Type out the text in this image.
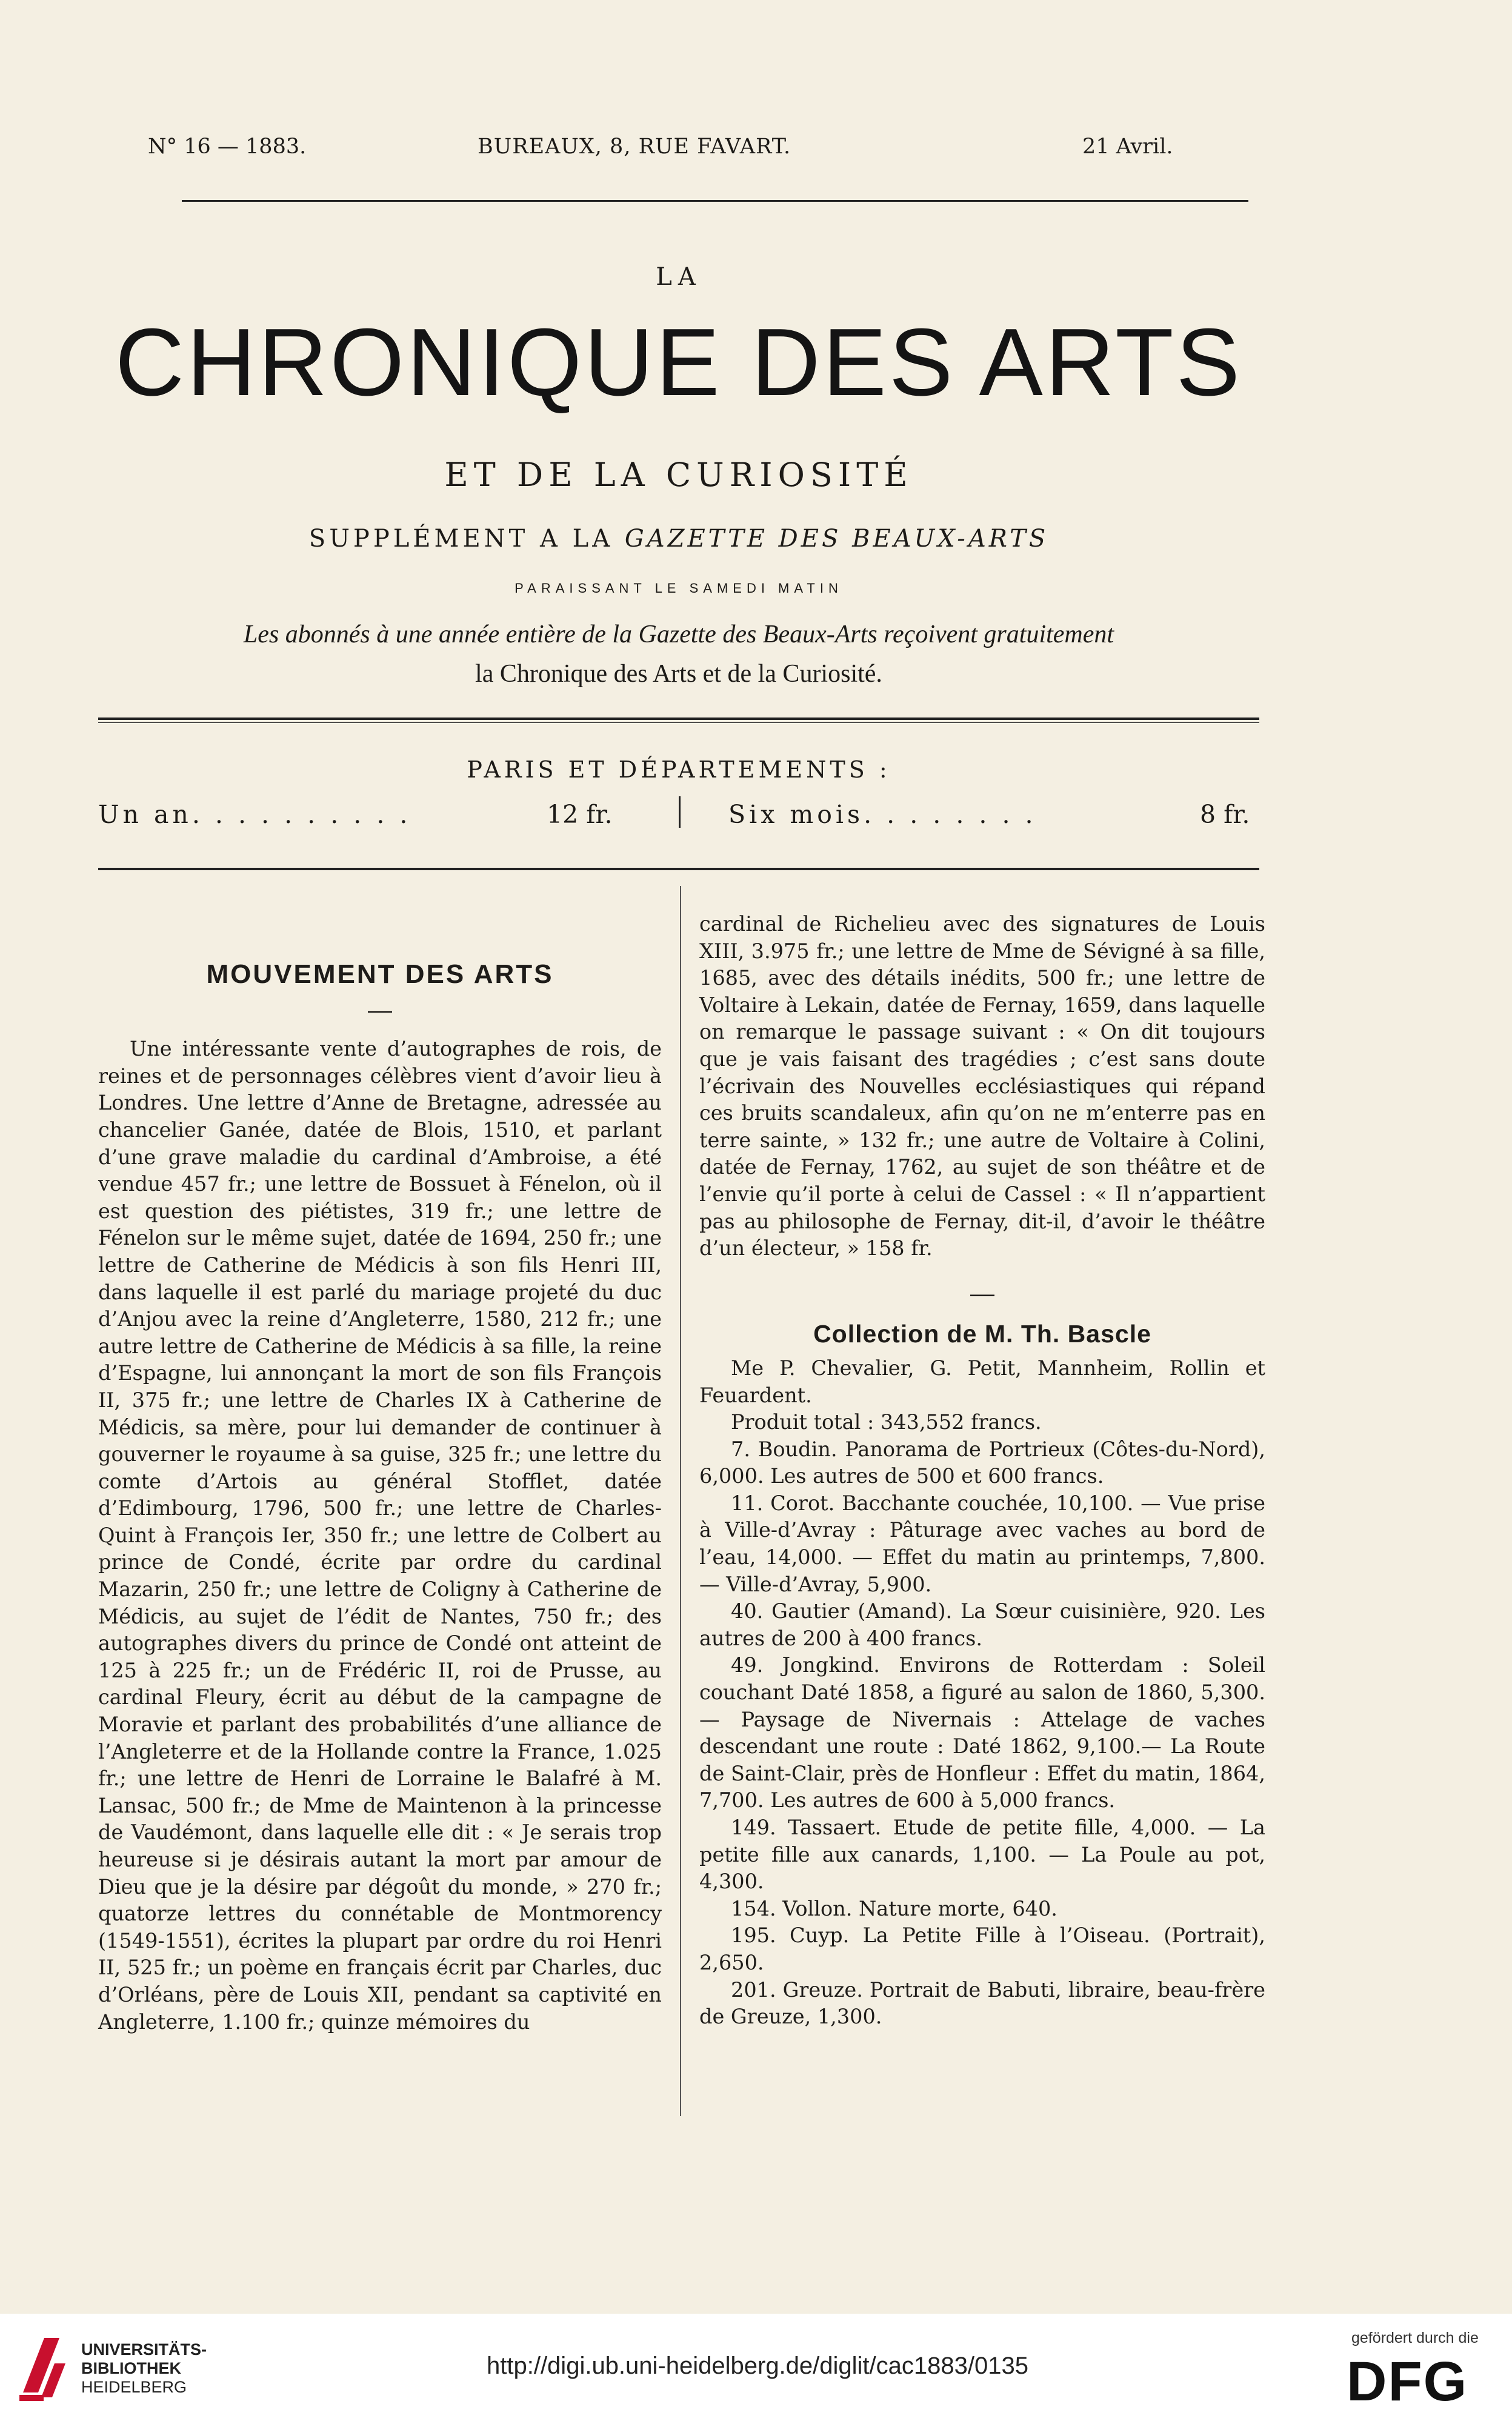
N° 16 — 1883.	BUREAUX, 8, RUE FAVART.	21 Avril.
LA
CHRONIQUE DES ARTS
ET DE LA CURIOSITÉ
SUPPLÉMENT A LA GAZETTE DES BEAUX-ARTS
PARAISSANT LE SAMEDI MATIN
Les abonnés à une année entière de la Gazette des Beaux-Arts reçoivent gratuitement
la Chronique des Arts et de la Curiosité.
PARIS ET DÉPARTEMENTS :
Un an. . . . . . . . . .	12 fr.	Six mois. . . . . . . .	8 fr.
MOUVEMENT DES ARTS
—

Une intéressante vente d’autographes de rois, de reines et de personnages célèbres vient d’avoir lieu à Londres. Une lettre d’Anne de Bretagne, adressée au chancelier Ganée, datée de Blois, 1510, et parlant d’une grave maladie du cardinal d’Ambroise, a été vendue 457 fr.; une lettre de Bossuet à Fénelon, où il est question des piétistes, 319 fr.; une lettre de Fénelon sur le même sujet, datée de 1694, 250 fr.; une lettre de Catherine de Médicis à son fils Henri III, dans laquelle il est parlé du mariage projeté du duc d’Anjou avec la reine d’Angleterre, 1580, 212 fr.; une autre lettre de Catherine de Médicis à sa fille, la reine d’Espagne, lui annonçant la mort de son fils François II, 375 fr.; une lettre de Charles IX à Catherine de Médicis, sa mère, pour lui demander de continuer à gouverner le royaume à sa guise, 325 fr.; une lettre du comte d’Artois au général Stofflet, datée d’Edimbourg, 1796, 500 fr.; une lettre de Charles-Quint à François Ier, 350 fr.; une lettre de Colbert au prince de Condé, écrite par ordre du cardinal Mazarin, 250 fr.; une lettre de Coligny à Catherine de Médicis, au sujet de l’édit de Nantes, 750 fr.; des autographes divers du prince de Condé ont atteint de 125 à 225 fr.; un de Frédéric II, roi de Prusse, au cardinal Fleury, écrit au début de la campagne de Moravie et parlant des probabilités d’une alliance de l’Angleterre et de la Hollande contre la France, 1.025 fr.; une lettre de Henri de Lorraine le Balafré à M. Lansac, 500 fr.; de Mme de Maintenon à la princesse de Vaudémont, dans laquelle elle dit : « Je serais trop heureuse si je désirais autant la mort par amour de Dieu que je la désire par dégoût du monde, » 270 fr.; quatorze lettres du connétable de Montmorency (1549-1551), écrites la plupart par ordre du roi Henri II, 525 fr.; un poème en français écrit par Charles, duc d’Orléans, père de Louis XII, pendant sa captivité en Angleterre, 1.100 fr.; quinze mémoires du

cardinal de Richelieu avec des signatures de Louis XIII, 3.975 fr.; une lettre de Mme de Sévigné à sa fille, 1685, avec des détails inédits, 500 fr.; une lettre de Voltaire à Lekain, datée de Fernay, 1659, dans laquelle on remarque le passage suivant : « On dit toujours que je vais faisant des tragédies ; c’est sans doute l’écrivain des Nouvelles ecclésiastiques qui répand ces bruits scandaleux, afin qu’on ne m’enterre pas en terre sainte, » 132 fr.; une autre de Voltaire à Colini, datée de Fernay, 1762, au sujet de son théâtre et de l’envie qu’il porte à celui de Cassel : « Il n’appartient pas au philosophe de Fernay, dit-il, d’avoir le théâtre d’un électeur, » 158 fr.

—
Collection de M. Th. Bascle

Me P. Chevalier, G. Petit, Mannheim, Rollin et Feuardent.

Produit total : 343,552 francs.

7. Boudin. Panorama de Portrieux (Côtes-du-Nord), 6,000. Les autres de 500 et 600 francs.

11. Corot. Bacchante couchée, 10,100. — Vue prise à Ville-d’Avray : Pâturage avec vaches au bord de l’eau, 14,000. — Effet du matin au printemps, 7,800. — Ville-d’Avray, 5,900.

40. Gautier (Amand). La Sœur cuisinière, 920. Les autres de 200 à 400 francs.

49. Jongkind. Environs de Rotterdam : Soleil couchant Daté 1858, a figuré au salon de 1860, 5,300. — Paysage de Nivernais : Attelage de vaches descendant une route : Daté 1862, 9,100.— La Route de Saint-Clair, près de Honfleur : Effet du matin, 1864, 7,700. Les autres de 600 à 5,000 francs.

149. Tassaert. Etude de petite fille, 4,000. — La petite fille aux canards, 1,100. — La Poule au pot, 4,300.

154. Vollon. Nature morte, 640.

195. Cuyp. La Petite Fille à l’Oiseau. (Portrait), 2,650.

201. Greuze. Portrait de Babuti, libraire, beau-frère de Greuze, 1,300.

UNIVERSITÄTS-
BIBLIOTHEK
HEIDELBERG
http://digi.ub.uni-heidelberg.de/diglit/cac1883/0135
gefördert durch die
DFG
